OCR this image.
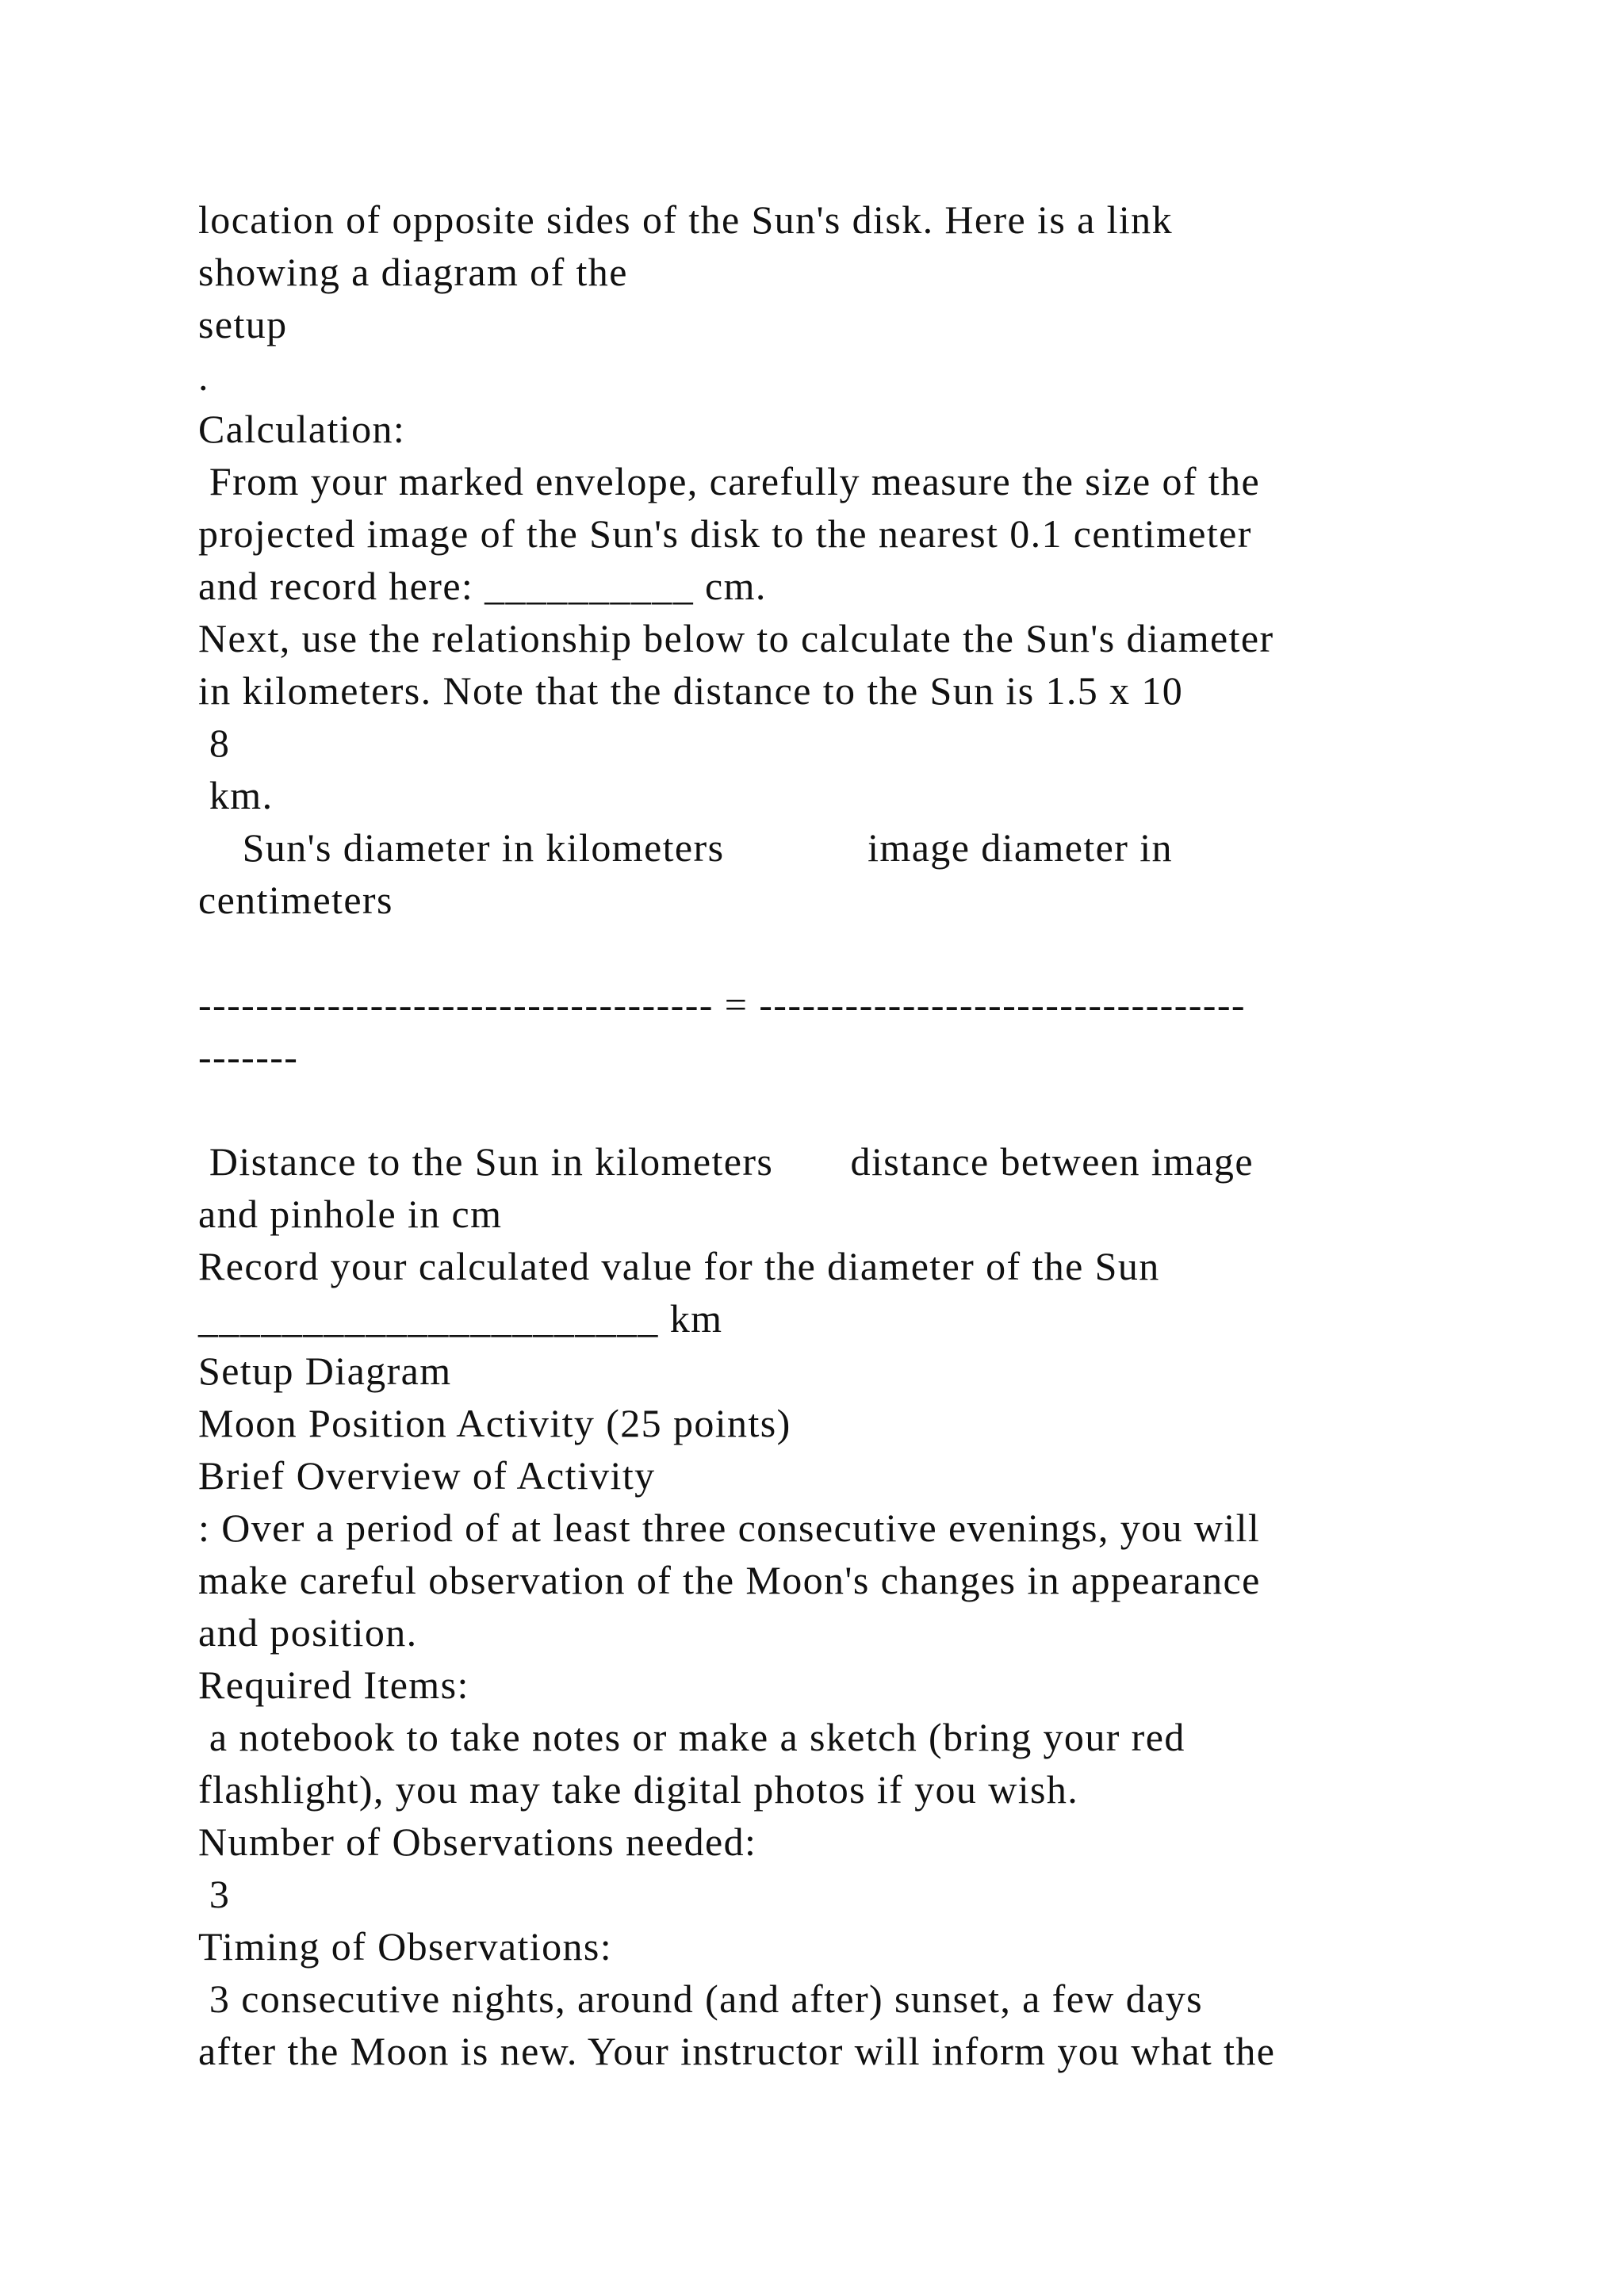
location of opposite sides of the Sun's disk. Here is a link
showing a diagram of the
setup
.
Calculation:
From your marked envelope, carefully measure the size of the
projected image of the Sun's disk to the nearest 0.1 centimeter
and record here: __________ cm.
Next, use the relationship below to calculate the Sun's diameter
in kilometers. Note that the distance to the Sun is 1.5 x 10
8
km.
Sun's diameter in kilometers             image diameter in
centimeters
------------------------------------ = ----------------------------------
-------
Distance to the Sun in kilometers       distance between image
and pinhole in cm
Record your calculated value for the diameter of the Sun
______________________ km
Setup Diagram
Moon Position Activity (25 points)
Brief Overview of Activity
: Over a period of at least three consecutive evenings, you will
make careful observation of the Moon's changes in appearance
and position.
Required Items:
a notebook to take notes or make a sketch (bring your red
flashlight), you may take digital photos if you wish.
Number of Observations needed:
3
Timing of Observations:
3 consecutive nights, around (and after) sunset, a few days
after the Moon is new. Your instructor will inform you what the
